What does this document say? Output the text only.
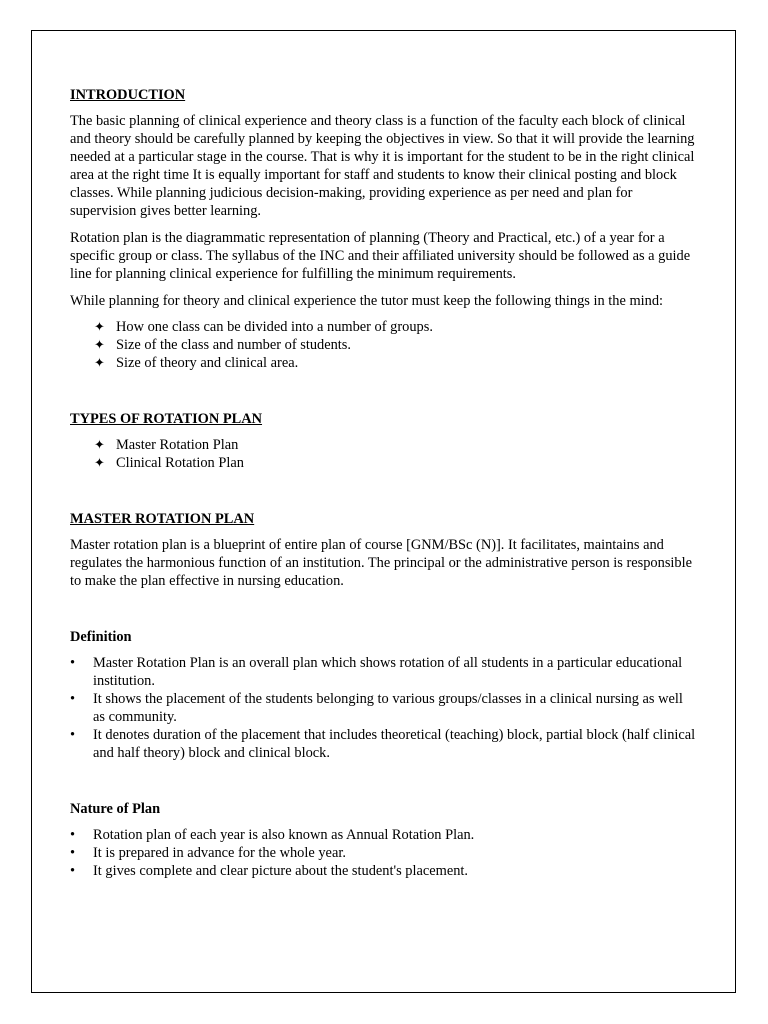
INTRODUCTION

The basic planning of clinical experience and theory class is a function of the faculty each block of clinical and theory should be carefully planned by keeping the objectives in view. So that it will provide the learning needed at a particular stage in the course. That is why it is important for the student to be in the right clinical area at the right time It is equally important for staff and students to know their clinical posting and block classes. While planning judicious decision-making, providing experience as per need and plan for supervision gives better learning.

Rotation plan is the diagrammatic representation of planning (Theory and Practical, etc.) of a year for a specific group or class. The syllabus of the INC and their affiliated university should be followed as a guide line for planning clinical experience for fulfilling the minimum requirements.

While planning for theory and clinical experience the tutor must keep the following things in the mind:

✦ How one class can be divided into a number of groups.
✦ Size of the class and number of students.
✦ Size of theory and clinical area.
TYPES OF ROTATION PLAN
✦ Master Rotation Plan
✦ Clinical Rotation Plan
MASTER ROTATION PLAN

Master rotation plan is a blueprint of entire plan of course [GNM/BSc (N)]. It facilitates, maintains and regulates the harmonious function of an institution. The principal or the administrative person is responsible to make the plan effective in nursing education.

Definition
• Master Rotation Plan is an overall plan which shows rotation of all students in a particular educational institution.
• It shows the placement of the students belonging to various groups/classes in a clinical nursing as well as community.
• It denotes duration of the placement that includes theoretical (teaching) block, partial block (half clinical and half theory) block and clinical block.
Nature of Plan
• Rotation plan of each year is also known as Annual Rotation Plan.
• It is prepared in advance for the whole year.
• It gives complete and clear picture about the student's placement.
